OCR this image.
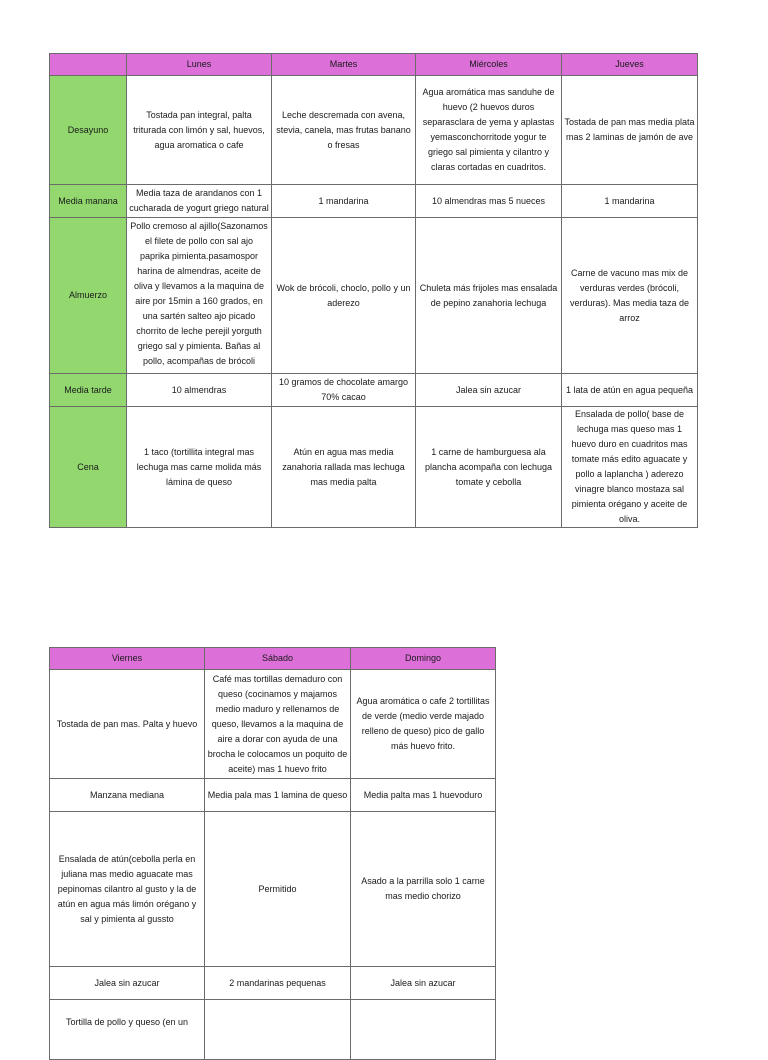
	Lunes	Martes	Miércoles	Jueves
Desayuno	Tostada pan integral, palta triturada con limón y sal, huevos, agua aromatica o cafe	Leche descremada con avena, stevia, canela, mas frutas banano o fresas	Agua aromática mas sanduhe de huevo (2 huevos duros separasclara de yema y aplastas yemasconchorritode yogur te griego sal pimienta y cilantro y claras cortadas en cuadritos.	Tostada de pan mas media plata mas 2 laminas de jamón de ave
Media manana	Media taza de arandanos con 1 cucharada de yogurt griego natural	1 mandarina	10 almendras mas 5 nueces	1 mandarina
Almuerzo	Pollo cremoso al ajillo(Sazonamos el filete de pollo con sal ajo paprika pimienta.pasamospor harina de almendras, aceite de oliva y llevamos a la maquina de aire por 15min a 160 grados, en una sartén salteo ajo picado chorrito de leche perejil yorguth griego sal y pimienta. Bañas al pollo, acompañas de brócoli	Wok de brócoli, choclo, pollo y un aderezo	Chuleta más frijoles mas ensalada de pepino zanahoria lechuga	Carne de vacuno mas mix de verduras verdes (brócoli, verduras). Mas media taza de arroz
Media tarde	10 almendras	10 gramos de chocolate amargo 70% cacao	Jalea sin azucar	1 lata de atún en agua pequeña
Cena	1 taco (tortillita integral mas lechuga mas carne molida más lámina de queso	Atún en agua mas media zanahoria rallada mas lechuga mas media palta	1 carne de hamburguesa ala plancha acompaña con lechuga tomate y cebolla	Ensalada de pollo( base de lechuga mas queso mas 1 huevo duro en cuadritos mas tomate más edito aguacate y pollo a laplancha ) aderezo vinagre blanco mostaza sal pimienta orégano y aceite de oliva.
Viernes	Sábado	Domingo
Tostada de pan mas. Palta y huevo	Café mas tortillas demaduro con queso (cocinamos y majamos medio maduro y rellenamos de queso, llevamos a la maquina de aire a dorar con ayuda de una brocha le colocamos un poquito de aceite) mas 1 huevo frito	Agua aromática o cafe 2 tortillitas de verde (medio verde majado relleno de queso) pico de gallo más huevo frito.
Manzana mediana	Media pala mas 1 lamina de queso	Media palta mas 1 huevoduro
Ensalada de atún(cebolla perla en juliana mas medio aguacate mas pepinomas cilantro al gusto y la de atún en agua más limón orégano y sal y pimienta al gussto	Permitido	Asado a la parrilla solo 1 carne mas medio chorizo
Jalea sin azucar	2 mandarinas pequenas	Jalea sin azucar

Tortilla de pollo y queso (en un		
